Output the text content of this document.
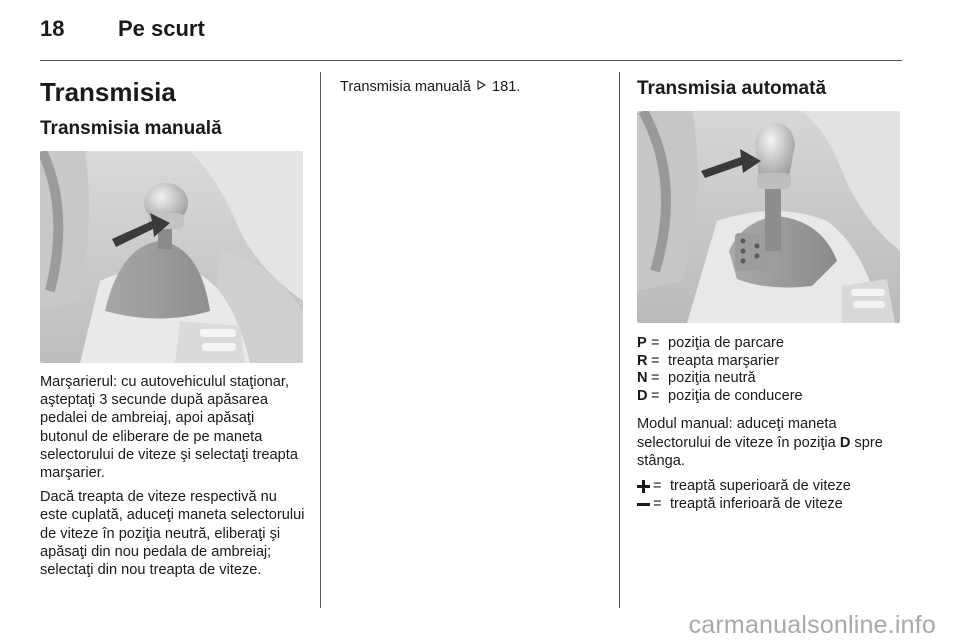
18 Pe scurt
Transmisia
Transmisia manuală

Marşarierul: cu autovehiculul staţionar, aşteptaţi 3 secunde după apăsarea pedalei de ambreiaj, apoi apăsaţi butonul de eliberare de pe maneta selectorului de viteze şi selectaţi treapta marşarier.

Dacă treapta de viteze respectivă nu este cuplată, aduceţi maneta selectorului de viteze în poziţia neutră, eliberaţi şi apăsaţi din nou pedala de ambreiaj; selectaţi din nou treapta de viteze.

Transmisia manuală 181.	Transmisia automată
P = poziţia de parcare
R = treapta marşarier
N = poziţia neutră
D = poziţia de conducere

Modul manual: aduceţi maneta selectorului de viteze în poziţia D spre stânga.

= treaptă superioară de viteze
= treaptă inferioară de viteze
carmanualsonline.info
